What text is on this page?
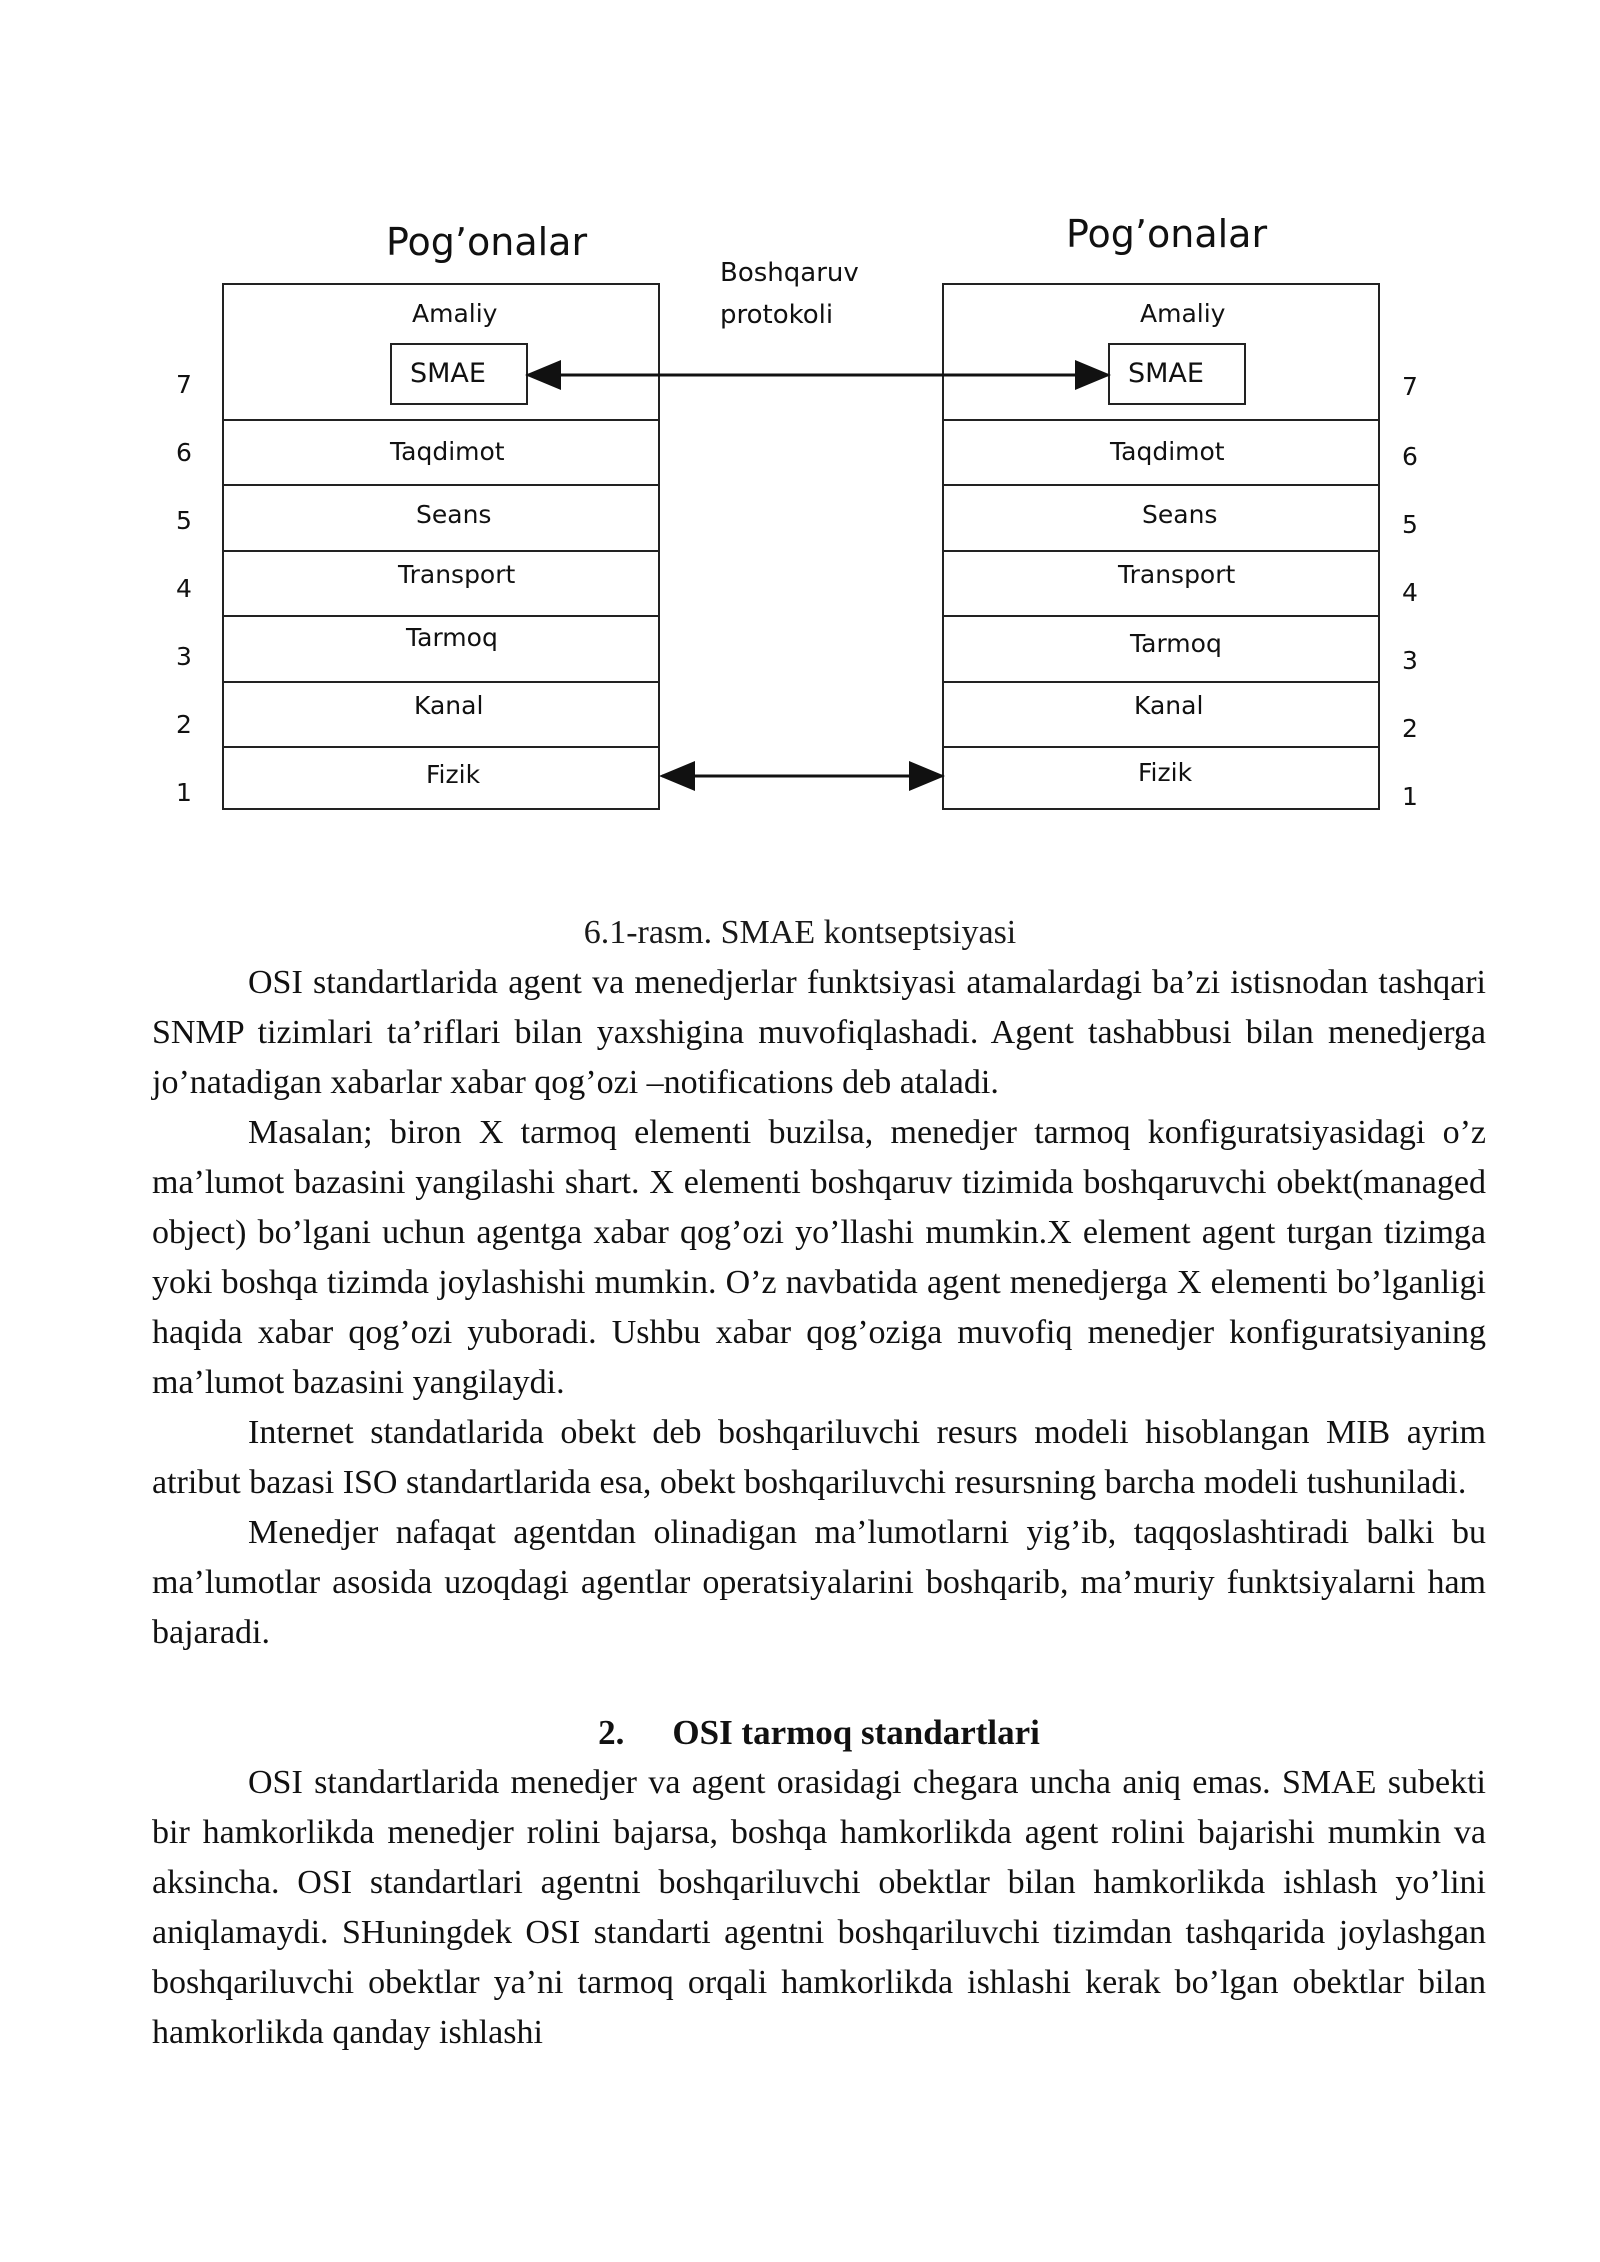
Pog’onalar	Pog’onalar
Boshqaruv
protokoli
Amaliy
SMAE
Taqdimot
Seans
Transport
Tarmoq
Kanal
Fizik
Amaliy
SMAE
Taqdimot
Seans
Transport
Tarmoq
Kanal
Fizik
7
6
5
4
3
2
1
7
6
5
4
3
2
1
6.1-rasm. SMAE kontseptsiyasi

OSI standartlarida agent va menedjerlar funktsiyasi atamalardagi ba’zi istisnodan tashqari SNMP tizimlari ta’riflari bilan yaxshigina muvofiqlashadi. Agent tashabbusi bilan menedjerga jo’natadigan xabarlar xabar qog’ozi –notifications deb ataladi.

Masalan; biron X tarmoq elementi buzilsa, menedjer tarmoq konfiguratsiyasidagi o’z ma’lumot bazasini yangilashi shart. X elementi boshqaruv tizimida boshqaruvchi obekt(managed object) bo’lgani uchun agentga xabar qog’ozi yo’llashi mumkin.X element agent turgan tizimga yoki boshqa tizimda joylashishi mumkin. O’z navbatida agent menedjerga X elementi bo’lganligi haqida xabar qog’ozi yuboradi. Ushbu xabar qog’oziga muvofiq menedjer konfiguratsiyaning ma’lumot bazasini yangilaydi.

Internet standatlarida obekt deb boshqariluvchi resurs modeli hisoblangan MIB ayrim atribut bazasi ISO standartlarida esa, obekt boshqariluvchi resursning barcha modeli tushuniladi.

Menedjer nafaqat agentdan olinadigan ma’lumotlarni yig’ib, taqqoslashtiradi balki bu ma’lumotlar asosida uzoqdagi agentlar operatsiyalarini boshqarib, ma’muriy funktsiyalarni ham bajaradi.

2. OSI tarmoq standartlari

OSI standartlarida menedjer va agent orasidagi chegara uncha aniq emas. SMAE subekti bir hamkorlikda menedjer rolini bajarsa, boshqa hamkorlikda agent rolini bajarishi mumkin va aksincha. OSI standartlari agentni boshqariluvchi obektlar bilan hamkorlikda ishlash yo’lini aniqlamaydi. SHuningdek OSI standarti agentni boshqariluvchi tizimdan tashqarida joylashgan boshqariluvchi obektlar ya’ni tarmoq orqali hamkorlikda ishlashi kerak bo’lgan obektlar bilan hamkorlikda qanday ishlashi
